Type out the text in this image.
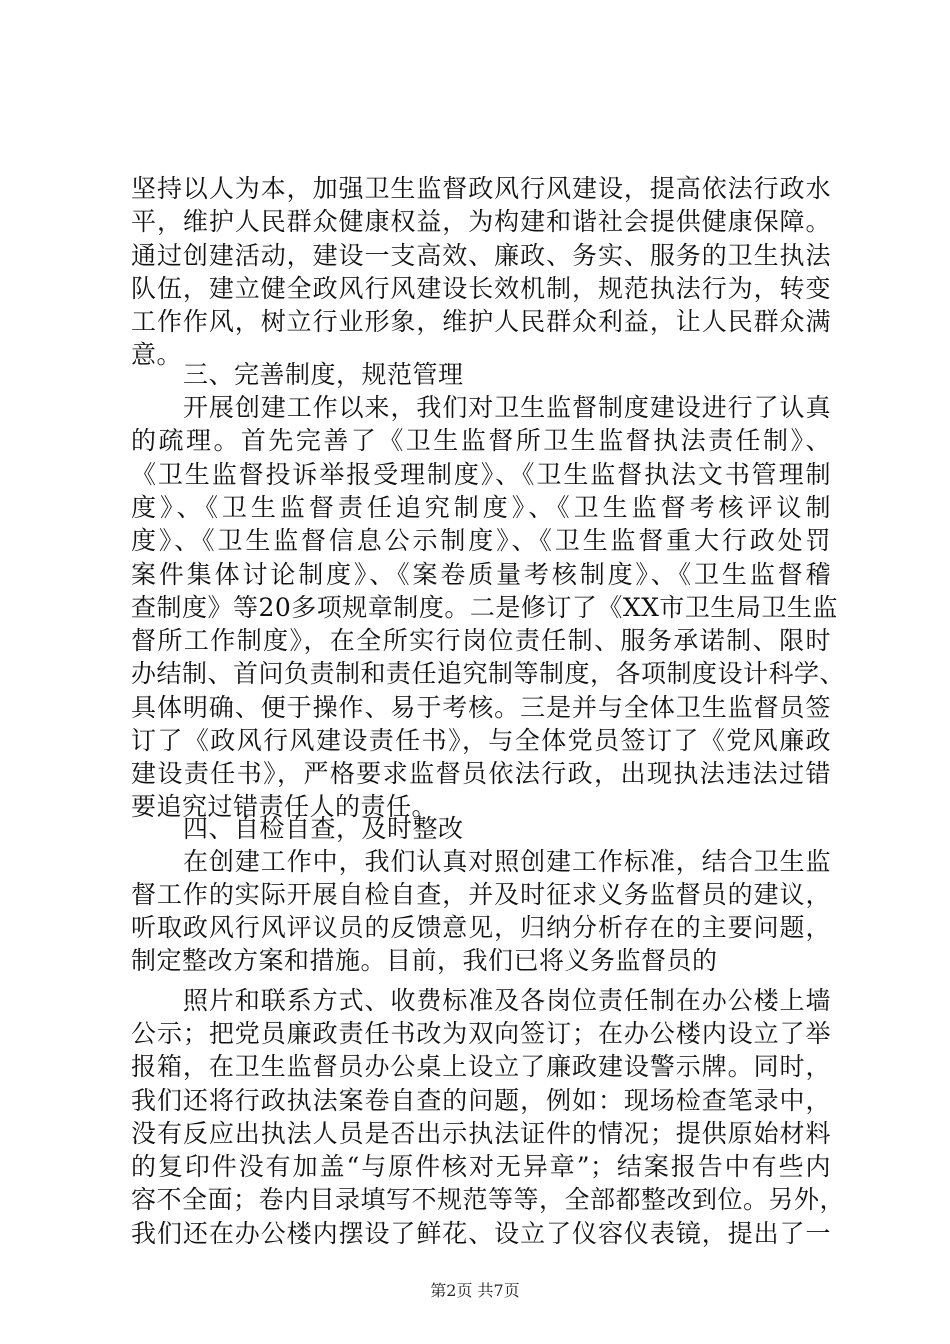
坚持以人为本，加强卫生监督政风行风建设，提高依法行政水
平，维护人民群众健康权益，为构建和谐社会提供健康保障。
通过创建活动，建设一支高效、廉政、务实、服务的卫生执法
队伍，建立健全政风行风建设长效机制，规范执法行为，转变
工作作风，树立行业形象，维护人民群众利益，让人民群众满
意。
三、完善制度，规范管理
开展创建工作以来，我们对卫生监督制度建设进行了认真
的疏理。首先完善了《卫生监督所卫生监督执法责任制》、
《卫生监督投诉举报受理制度》、《卫生监督执法文书管理制
度》、《卫生监督责任追究制度》、《卫生监督考核评议制
度》、《卫生监督信息公示制度》、《卫生监督重大行政处罚
案件集体讨论制度》、《案卷质量考核制度》、《卫生监督稽
查制度》等20多项规章制度。二是修订了《XX市卫生局卫生监
督所工作制度》，在全所实行岗位责任制、服务承诺制、限时
办结制、首问负责制和责任追究制等制度，各项制度设计科学、
具体明确、便于操作、易于考核。三是并与全体卫生监督员签
订了《政风行风建设责任书》，与全体党员签订了《党风廉政
建设责任书》，严格要求监督员依法行政，出现执法违法过错
要追究过错责任人的责任。
四、自检自查，及时整改
在创建工作中，我们认真对照创建工作标准，结合卫生监
督工作的实际开展自检自查，并及时征求义务监督员的建议，
听取政风行风评议员的反馈意见，归纳分析存在的主要问题，
制定整改方案和措施。目前，我们已将义务监督员的
照片和联系方式、收费标准及各岗位责任制在办公楼上墙
公示；把党员廉政责任书改为双向签订；在办公楼内设立了举
报箱，在卫生监督员办公桌上设立了廉政建设警示牌。同时，
我们还将行政执法案卷自查的问题，例如：现场检查笔录中，
没有反应出执法人员是否出示执法证件的情况；提供原始材料
的复印件没有加盖“与原件核对无异章”；结案报告中有些内
容不全面；卷内目录填写不规范等等，全部都整改到位。另外，
我们还在办公楼内摆设了鲜花、设立了仪容仪表镜，提出了一
第2页 共7页
